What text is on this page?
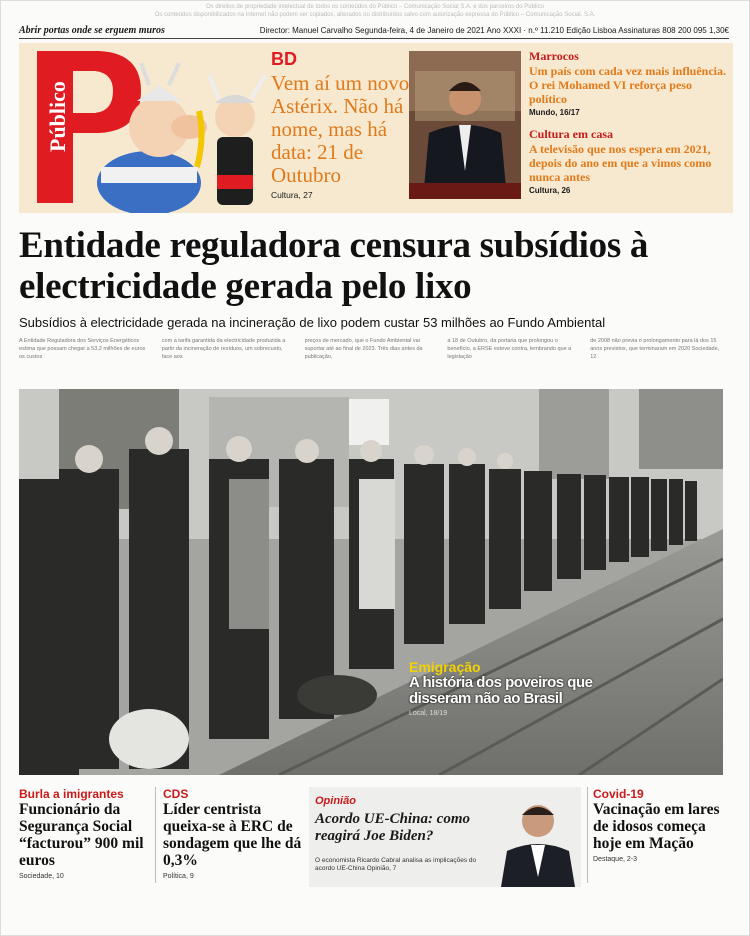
Os direitos de propriedade intelectual de todos os conteúdos do Público – Comunicação Social S.A. e dos parceiros do Público
Os conteúdos disponibilizados na Internet não podem ser copiados, alterados ou distribuídos salvo com autorização expressa do Público – Comunicação Social, S.A.
Abrir portas onde se erguem muros	Director: Manuel Carvalho Segunda-feira, 4 de Janeiro de 2021 Ano XXXI · n.º 11.210 Edição Lisboa Assinaturas 808 200 095 1,30€
Público
BD
Vem aí um novo Astérix. Não há nome, mas há data: 21 de Outubro
Cultura, 27
Marrocos
Um país com cada vez mais influência. O rei Mohamed VI reforça peso político
Mundo, 16/17
Cultura em casa
A televisão que nos espera em 2021, depois do ano em que a vimos como nunca antes
Cultura, 26
Entidade reguladora censura subsídios à electricidade gerada pelo lixo
Subsídios à electricidade gerada na incineração de lixo podem custar 53 milhões ao Fundo Ambiental
A Entidade Reguladora dos Serviços Energéticos estima que possam chegar a 53,2 milhões de euros os custos
com a tarifa garantida da electricidade produzida a partir da incineração de resíduos, um sobrecusto, face aos
preços de mercado, que o Fundo Ambiental vai suportar até ao final de 2023. Três dias antes da publicação,
a 18 de Outubro, da portaria que prolongou o benefício, a ERSE esteve contra, lembrando que a legislação
de 2008 não previa o prolongamento para lá dos 15 anos previstos, que terminaram em 2020 Sociedade, 12
Emigração
A história dos poveiros que disseram não ao Brasil
Local, 18/19
Burla a imigrantes
Funcionário da Segurança Social “facturou” 900 mil euros
Sociedade, 10
CDS
Líder centrista queixa-se à ERC de sondagem que lhe dá 0,3%
Política, 9
Opinião
Acordo UE-China: como reagirá Joe Biden?
O economista Ricardo Cabral analisa as implicações do acordo UE-China Opinião, 7
Covid-19
Vacinação em lares de idosos começa hoje em Mação
Destaque, 2-3
